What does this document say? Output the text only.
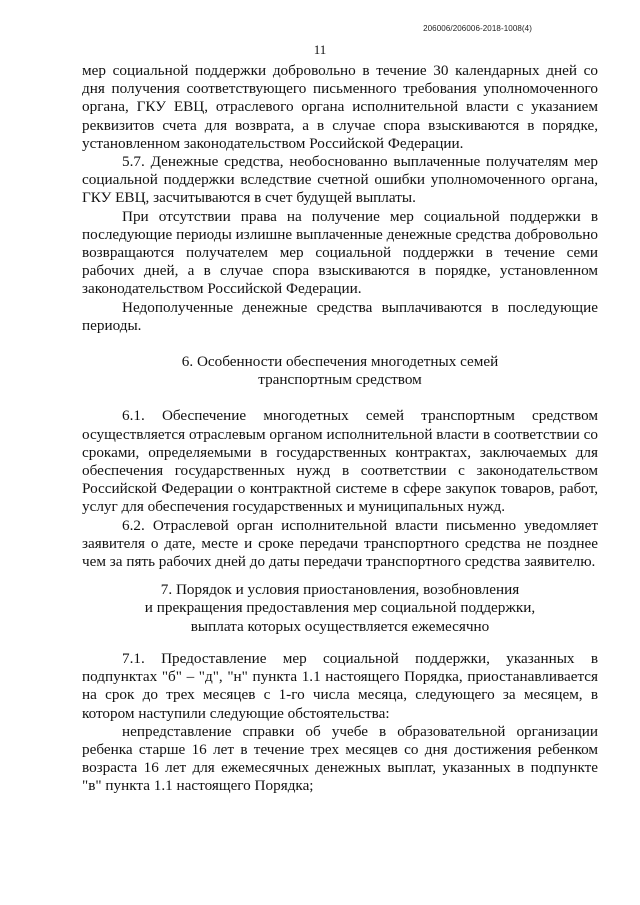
206006/206006-2018-1008(4)
11

мер социальной поддержки добровольно в течение 30 календарных дней со дня получения соответствующего письменного требования уполномоченного органа, ГКУ ЕВЦ, отраслевого органа исполнительной власти с указанием реквизитов счета для возврата, а в случае спора взыскиваются в порядке, установленном законодательством Российской Федерации.

5.7. Денежные средства, необоснованно выплаченные получателям мер социальной поддержки вследствие счетной ошибки уполномоченного органа, ГКУ ЕВЦ, засчитываются в счет будущей выплаты.

При отсутствии права на получение мер социальной поддержки в последующие периоды излишне выплаченные денежные средства добровольно возвращаются получателем мер социальной поддержки в течение семи рабочих дней, а в случае спора взыскиваются в порядке, установленном законодательством Российской Федерации.

Недополученные денежные средства выплачиваются в последующие периоды.

6. Особенности обеспечения многодетных семей
транспортным средством

6.1. Обеспечение многодетных семей транспортным средством осуществляется отраслевым органом исполнительной власти в соответствии со сроками, определяемыми в государственных контрактах, заключаемых для обеспечения государственных нужд в соответствии с законодательством Российской Федерации о контрактной системе в сфере закупок товаров, работ, услуг для обеспечения государственных и муниципальных нужд.

6.2. Отраслевой орган исполнительной власти письменно уведомляет заявителя о дате, месте и сроке передачи транспортного средства не позднее чем за пять рабочих дней до даты передачи транспортного средства заявителю.

7. Порядок и условия приостановления, возобновления
и прекращения предоставления мер социальной поддержки,
выплата которых осуществляется ежемесячно

7.1. Предоставление мер социальной поддержки, указанных в подпунктах "б" – "д", "н" пункта 1.1 настоящего Порядка, приостанавливается на срок до трех месяцев с 1-го числа месяца, следующего за месяцем, в котором наступили следующие обстоятельства:

непредставление справки об учебе в образовательной организации ребенка старше 16 лет в течение трех месяцев со дня достижения ребенком возраста 16 лет для ежемесячных денежных выплат, указанных в подпункте "в" пункта 1.1 настоящего Порядка;
